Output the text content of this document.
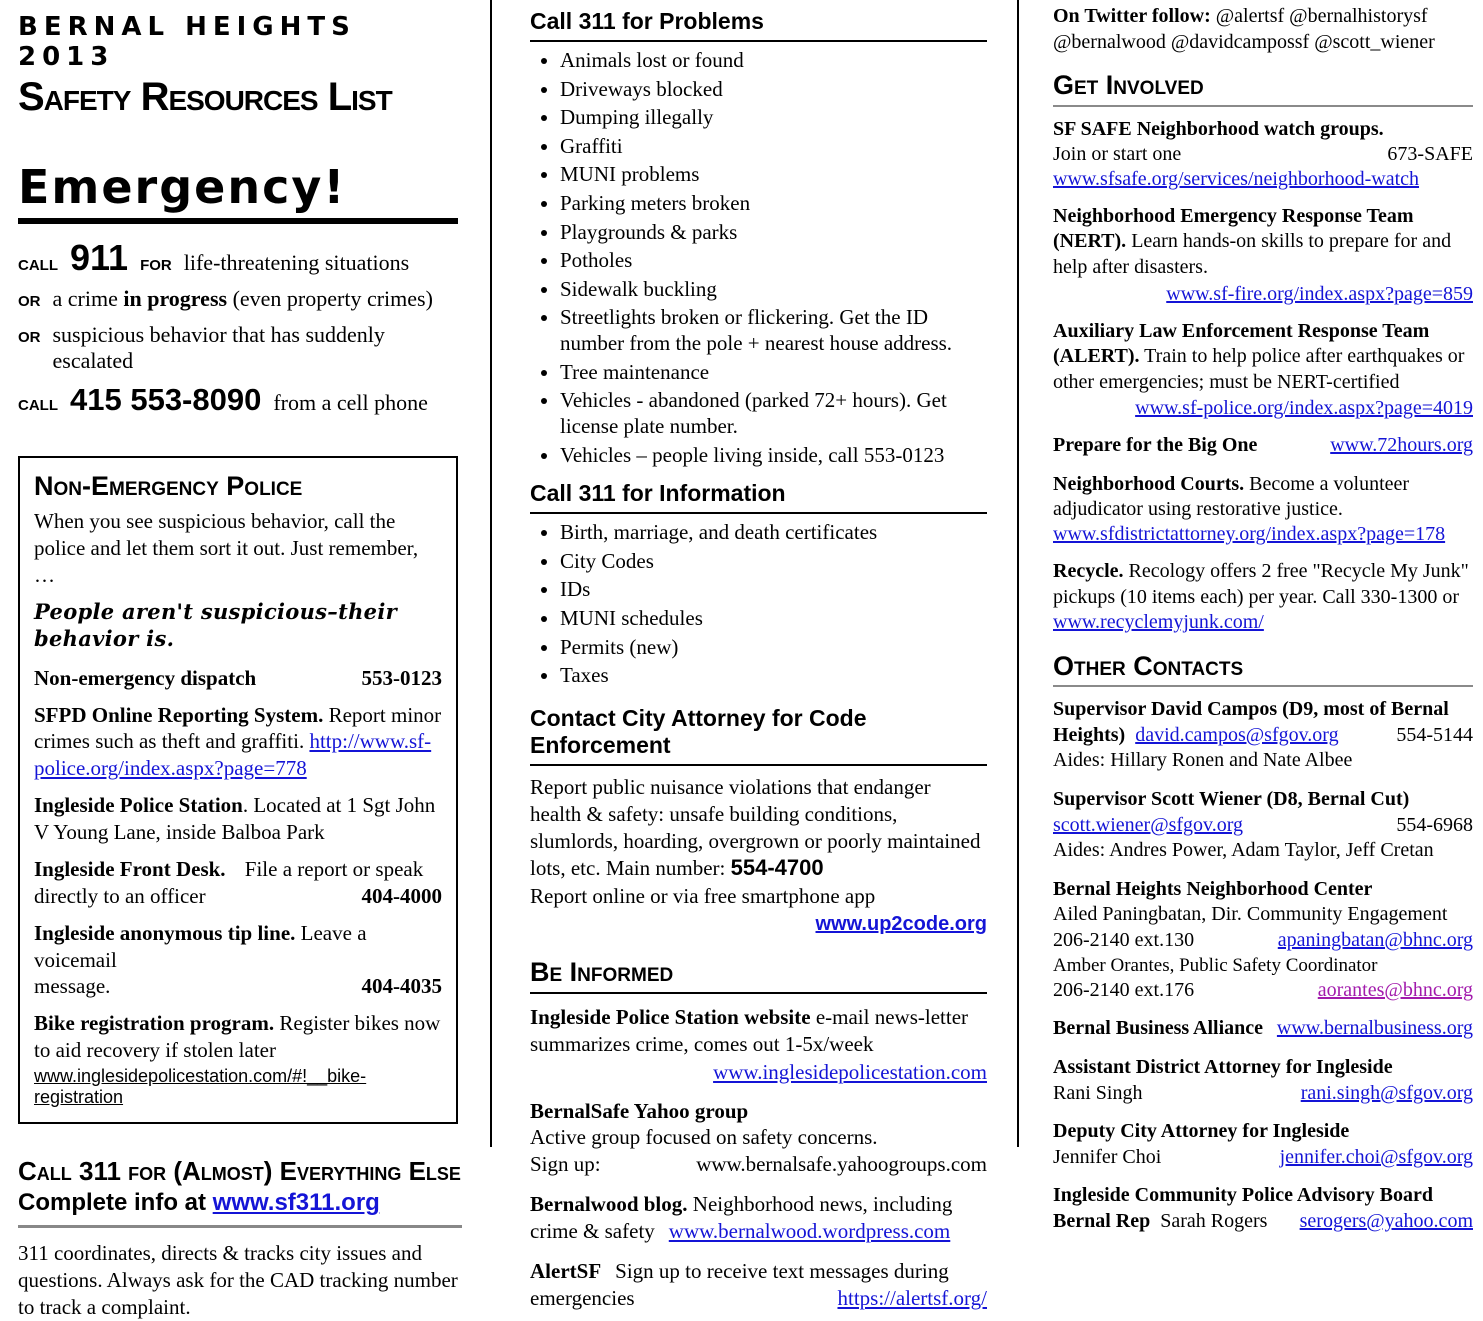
BERNAL HEIGHTS 2013
Safety Resources List
Emergency!
call 911 for life-threatening situations
or a crime in progress (even property crimes)
or suspicious behavior that has suddenly escalated
call 415 553-8090 from a cell phone
Non-Emergency Police

When you see suspicious behavior, call the police and let them sort it out. Just remember, …

People aren't suspicious–their behavior is.

Non-emergency dispatch	553-0123

SFPD Online Reporting System. Report minor crimes such as theft and graffiti. http://www.sf-police.org/index.aspx?page=778

Ingleside Police Station. Located at 1 Sgt John V Young Lane, inside Balboa Park

Ingleside Front Desk. File a report or speak

directly to an officer	404-4000

Ingleside anonymous tip line. Leave a voicemail

message.	404-4035

Bike registration program. Register bikes now to aid recovery if stolen later

www.inglesidepolicestation.com/#!__bike-registration
Call 311 for (Almost) Everything Else
Complete info at www.sf311.org

311 coordinates, directs & tracks city issues and questions. Always ask for the CAD tracking number to track a complaint.

Call 311 for Problems
• Animals lost or found
• Driveways blocked
• Dumping illegally
• Graffiti
• MUNI problems
• Parking meters broken
• Playgrounds & parks
• Potholes
• Sidewalk buckling
• Streetlights broken or flickering. Get the ID number from the pole + nearest house address.
• Tree maintenance
• Vehicles - abandoned (parked 72+ hours). Get license plate number.
• Vehicles – people living inside, call 553-0123
Call 311 for Information
• Birth, marriage, and death certificates
• City Codes
• IDs
• MUNI schedules
• Permits (new)
• Taxes
Contact City Attorney for Code Enforcement

Report public nuisance violations that endanger health & safety: unsafe building conditions, slumlords, hoarding, overgrown or poorly maintained lots, etc. Main number: 554-4700
Report online or via free smartphone app

www.up2code.org
Be Informed

Ingleside Police Station website e-mail news-letter summarizes crime, comes out 1-5x/week

www.inglesidepolicestation.com

BernalSafe Yahoo group

Active group focused on safety concerns.

Sign up:	www.bernalsafe.yahoogroups.com

Bernalwood blog. Neighborhood news, including crime & safety www.bernalwood.wordpress.com

AlertSF Sign up to receive text messages during

emergencies	https://alertsf.org/

On Twitter follow: @alertsf @bernalhistorysf

@bernalwood @davidcampossf @scott_wiener

Get Involved

SF SAFE Neighborhood watch groups.

Join or start one	673-SAFE
www.sfsafe.org/services/neighborhood-watch

Neighborhood Emergency Response Team (NERT). Learn hands-on skills to prepare for and help after disasters.

www.sf-fire.org/index.aspx?page=859

Auxiliary Law Enforcement Response Team (ALERT). Train to help police after earthquakes or other emergencies; must be NERT-certified

www.sf-police.org/index.aspx?page=4019
Prepare for the Big One	www.72hours.org

Neighborhood Courts. Become a volunteer adjudicator using restorative justice.

www.sfdistrictattorney.org/index.aspx?page=178

Recycle. Recology offers 2 free "Recycle My Junk" pickups (10 items each) per year. Call 330-1300 or www.recyclemyjunk.com/

Other Contacts

Supervisor David Campos (D9, most of Bernal

Heights) david.campos@sfgov.org	554-5144

Aides: Hillary Ronen and Nate Albee

Supervisor Scott Wiener (D8, Bernal Cut)

scott.wiener@sfgov.org	554-6968

Aides: Andres Power, Adam Taylor, Jeff Cretan

Bernal Heights Neighborhood Center

Ailed Paningbatan, Dir. Community Engagement

206-2140 ext.130	apaningbatan@bhnc.org

Amber Orantes, Public Safety Coordinator

206-2140 ext.176	aorantes@bhnc.org
Bernal Business Alliance www.bernalbusiness.org

Assistant District Attorney for Ingleside

Rani Singh	rani.singh@sfgov.org

Deputy City Attorney for Ingleside

Jennifer Choi	jennifer.choi@sfgov.org

Ingleside Community Police Advisory Board

Bernal Rep Sarah Rogers serogers@yahoo.com
